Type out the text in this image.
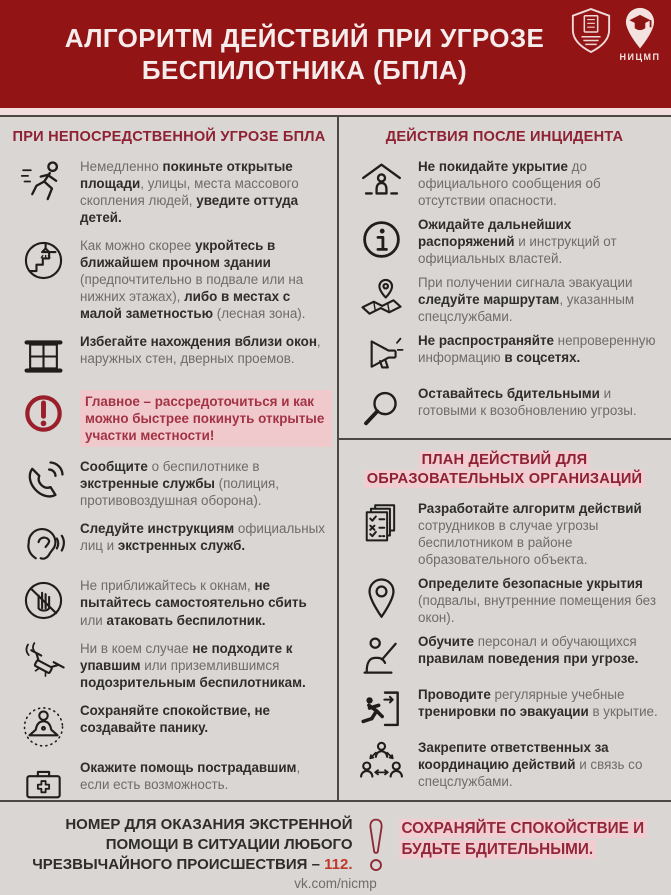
АЛГОРИТМ ДЕЙСТВИЙ ПРИ УГРОЗЕ
БЕСПИЛОТНИКА (БПЛА)	НИЦМП
ПРИ НЕПОСРЕДСТВЕННОЙ УГРОЗЕ БПЛА

Немедленно покиньте открытые площади, улицы, места массового скопления людей, уведите оттуда детей.

Как можно скорее укройтесь в ближайшем прочном здании (предпочтительно в подвале или на нижних этажах), либо в местах с малой заметностью (лесная зона).

Избегайте нахождения вблизи окон, наружных стен, дверных проемов.

Главное – рассредоточиться и как можно быстрее покинуть открытые участки местности!

Сообщите о беспилотнике в экстренные службы (полиция, противовоздушная оборона).

Следуйте инструкциям официальных лиц и экстренных служб.

Не приближайтесь к окнам, не пытайтесь самостоятельно сбить или атаковать беспилотник.

Ни в коем случае не подходите к упавшим или приземлившимся подозрительным беспилотникам.

Сохраняйте спокойствие, не создавайте панику.

Окажите помощь пострадавшим, если есть возможность.

ДЕЙСТВИЯ ПОСЛЕ ИНЦИДЕНТА

Не покидайте укрытие до официального сообщения об отсутствии опасности.

Ожидайте дальнейших распоряжений и инструкций от официальных властей.

При получении сигнала эвакуации следуйте маршрутам, указанным спецслужбами.

Не распространяйте непроверенную информацию в соцсетях.

Оставайтесь бдительными и готовыми к возобновлению угрозы.

ПЛАН ДЕЙСТВИЙ ДЛЯ ОБРАЗОВАТЕЛЬНЫХ ОРГАНИЗАЦИЙ

Разработайте алгоритм действий сотрудников в случае угрозы беспилотником в районе образовательного объекта.

Определите безопасные укрытия (подвалы, внутренние помещения без окон).

Обучите персонал и обучающихся правилам поведения при угрозе.

Проводите регулярные учебные тренировки по эвакуации в укрытие.

Закрепите ответственных за координацию действий и связь со спецслужбами.

НОМЕР ДЛЯ ОКАЗАНИЯ ЭКСТРЕННОЙ ПОМОЩИ В СИТУАЦИИ ЛЮБОГО ЧРЕЗВЫЧАЙНОГО ПРОИСШЕСТВИЯ – 112.
СОХРАНЯЙТЕ СПОКОЙСТВИЕ И БУДЬТЕ БДИТЕЛЬНЫМИ.
vk.com/nicmp
